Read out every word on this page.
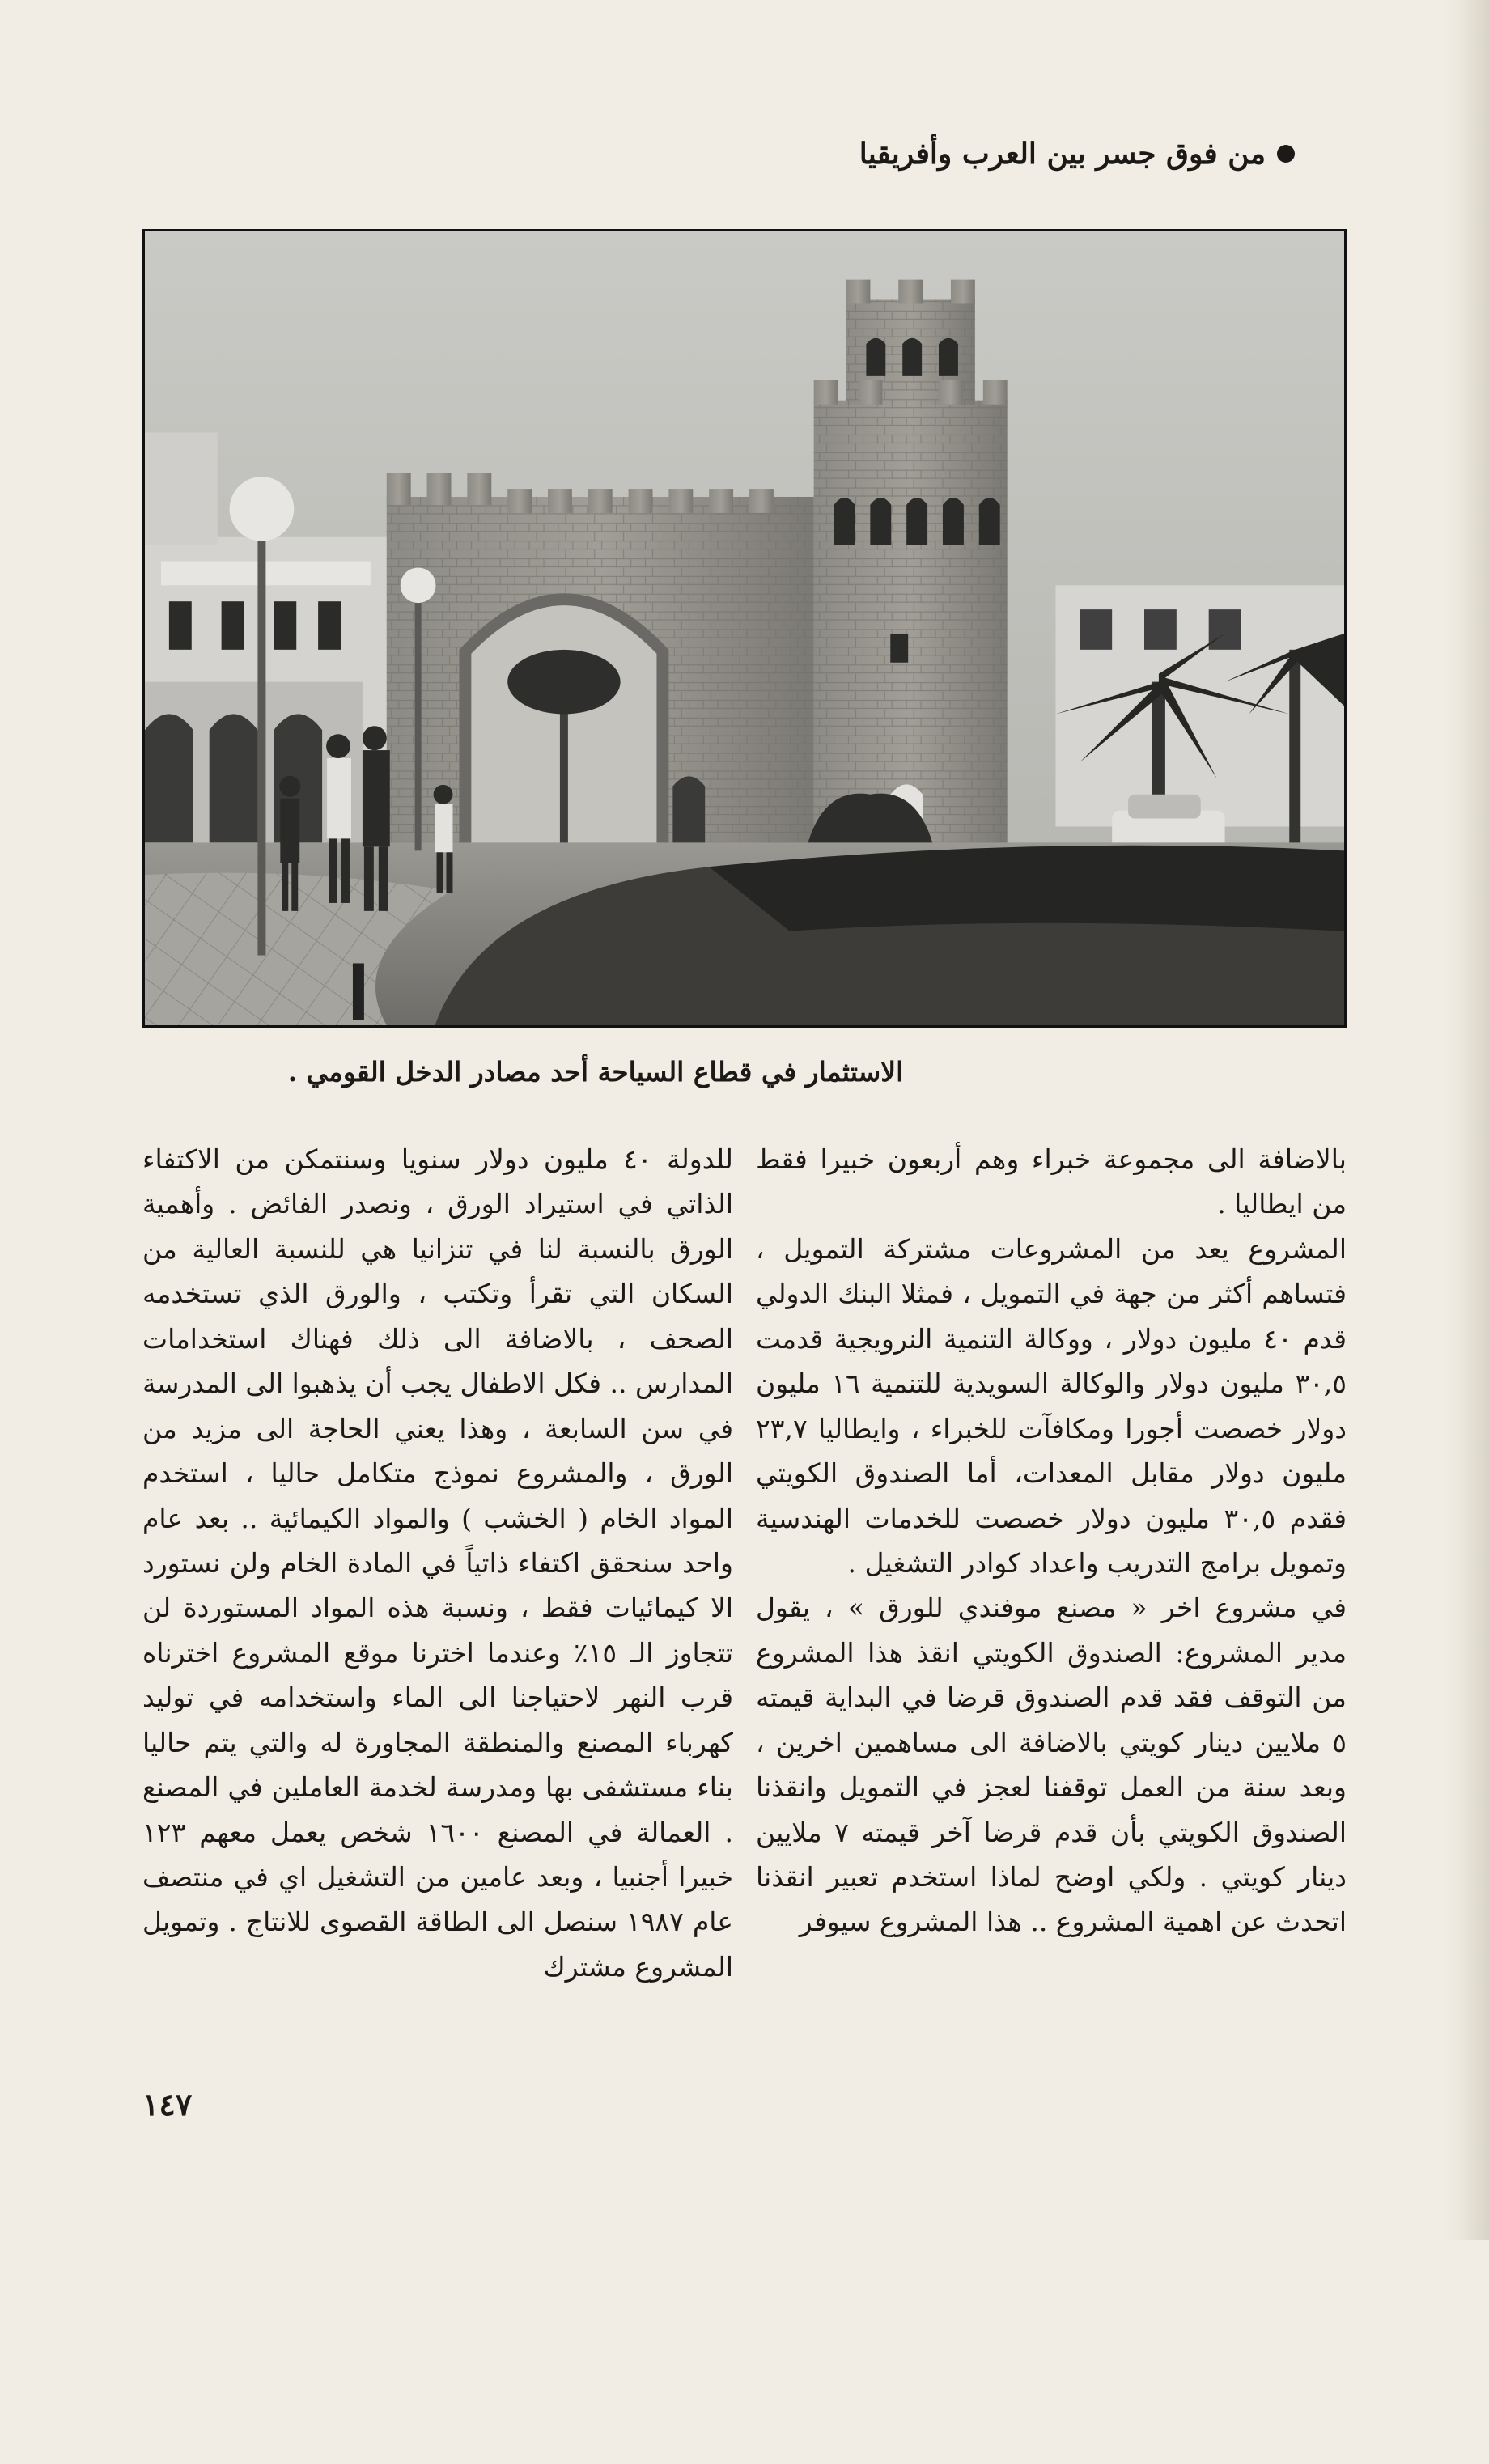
من فوق جسر بين العرب وأفريقيا
الاستثمار في قطاع السياحة أحد مصادر الدخل القومي .

بالاضافة الى مجموعة خبراء وهم أربعون خبيرا فقط من ايطاليا .

المشروع يعد من المشروعات مشتركة التمويل ، فتساهم أكثر من جهة في التمويل ، فمثلا البنك الدولي قدم ٤٠ مليون دولار ، ووكالة التنمية النرويجية قدمت ٣٠,٥ مليون دولار والوكالة السويدية للتنمية ١٦ مليون دولار خصصت أجورا ومكافآت للخبراء ، وايطاليا ٢٣,٧ مليون دولار مقابل المعدات، أما الصندوق الكويتي فقدم ٣٠,٥ مليون دولار خصصت للخدمات الهندسية وتمويل برامج التدريب واعداد كوادر التشغيل .

في مشروع اخر « مصنع موفندي للورق » ، يقول مدير المشروع: الصندوق الكويتي انقذ هذا المشروع من التوقف فقد قدم الصندوق قرضا في البداية قيمته ٥ ملايين دينار كويتي بالاضافة الى مساهمين اخرين ، وبعد سنة من العمل توقفنا لعجز في التمويل وانقذنا الصندوق الكويتي بأن قدم قرضا آخر قيمته ٧ ملايين دينار كويتي . ولكي اوضح لماذا استخدم تعبير انقذنا اتحدث عن اهمية المشروع .. هذا المشروع سيوفر

للدولة ٤٠ مليون دولار سنويا وسنتمكن من الاكتفاء الذاتي في استيراد الورق ، ونصدر الفائض . وأهمية الورق بالنسبة لنا في تنزانيا هي للنسبة العالية من السكان التي تقرأ وتكتب ، والورق الذي تستخدمه الصحف ، بالاضافة الى ذلك فهناك استخدامات المدارس .. فكل الاطفال يجب أن يذهبوا الى المدرسة في سن السابعة ، وهذا يعني الحاجة الى مزيد من الورق ، والمشروع نموذج متكامل حاليا ، استخدم المواد الخام ( الخشب ) والمواد الكيمائية .. بعد عام واحد سنحقق اكتفاء ذاتياً في المادة الخام ولن نستورد الا كيمائيات فقط ، ونسبة هذه المواد المستوردة لن تتجاوز الـ ١٥٪ وعندما اخترنا موقع المشروع اخترناه قرب النهر لاحتياجنا الى الماء واستخدامه في توليد كهرباء المصنع والمنطقة المجاورة له والتي يتم حاليا بناء مستشفى بها ومدرسة لخدمة العاملين في المصنع . العمالة في المصنع ١٦٠٠ شخص يعمل معهم ١٢٣ خبيرا أجنبيا ، وبعد عامين من التشغيل اي في منتصف عام ١٩٨٧ سنصل الى الطاقة القصوى للانتاج . وتمويل المشروع مشترك

١٤٧
